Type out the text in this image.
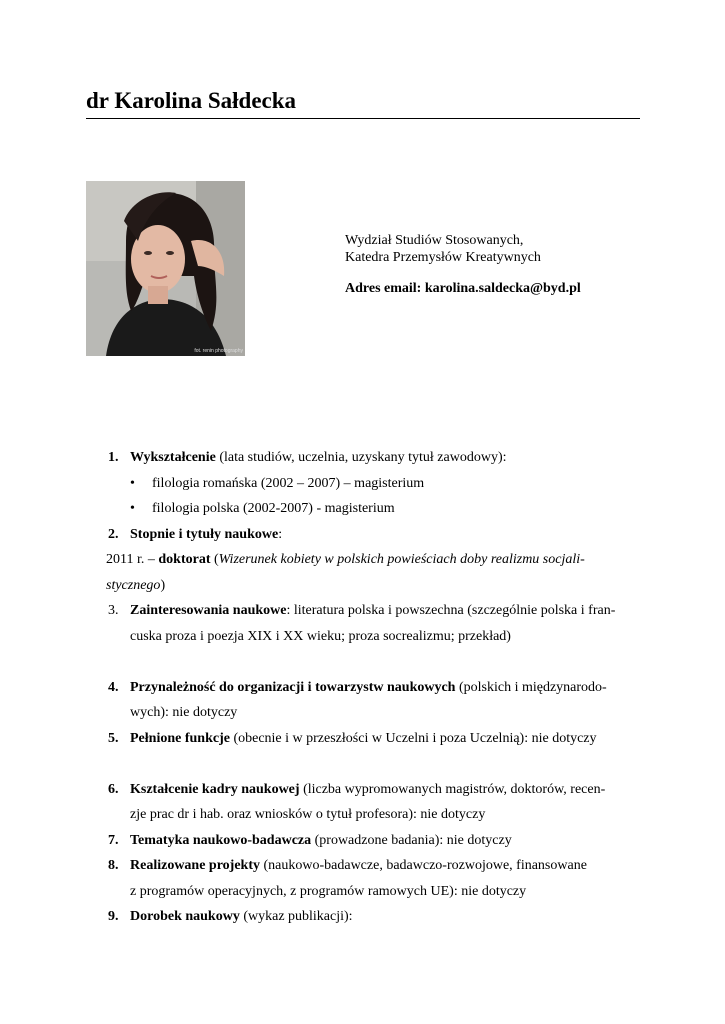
dr Karolina Sałdecka
fot. renin photography
Wydział Studiów Stosowanych,
Katedra Przemysłów Kreatywnych
Adres email: karolina.saldecka@byd.pl
1. Wykształcenie (lata studiów, uczelnia, uzyskany tytuł zawodowy):
• filologia romańska (2002 – 2007) – magisterium
• filologia polska (2002-2007) - magisterium
2. Stopnie i tytuły naukowe:
2011 r. – doktorat (Wizerunek kobiety w polskich powieściach doby realizmu socjali-
stycznego)
3. Zainteresowania naukowe: literatura polska i powszechna (szczególnie polska i fran-
cuska proza i poezja XIX i XX wieku; proza socrealizmu; przekład)
4. Przynależność do organizacji i towarzystw naukowych (polskich i międzynarodo-
wych): nie dotyczy
5. Pełnione funkcje (obecnie i w przeszłości w Uczelni i poza Uczelnią): nie dotyczy
6. Kształcenie kadry naukowej (liczba wypromowanych magistrów, doktorów, recen-
zje prac dr i hab. oraz wniosków o tytuł profesora): nie dotyczy
7. Tematyka naukowo-badawcza (prowadzone badania): nie dotyczy
8. Realizowane projekty (naukowo-badawcze, badawczo-rozwojowe, finansowane
z programów operacyjnych, z programów ramowych UE): nie dotyczy
9. Dorobek naukowy (wykaz publikacji):
